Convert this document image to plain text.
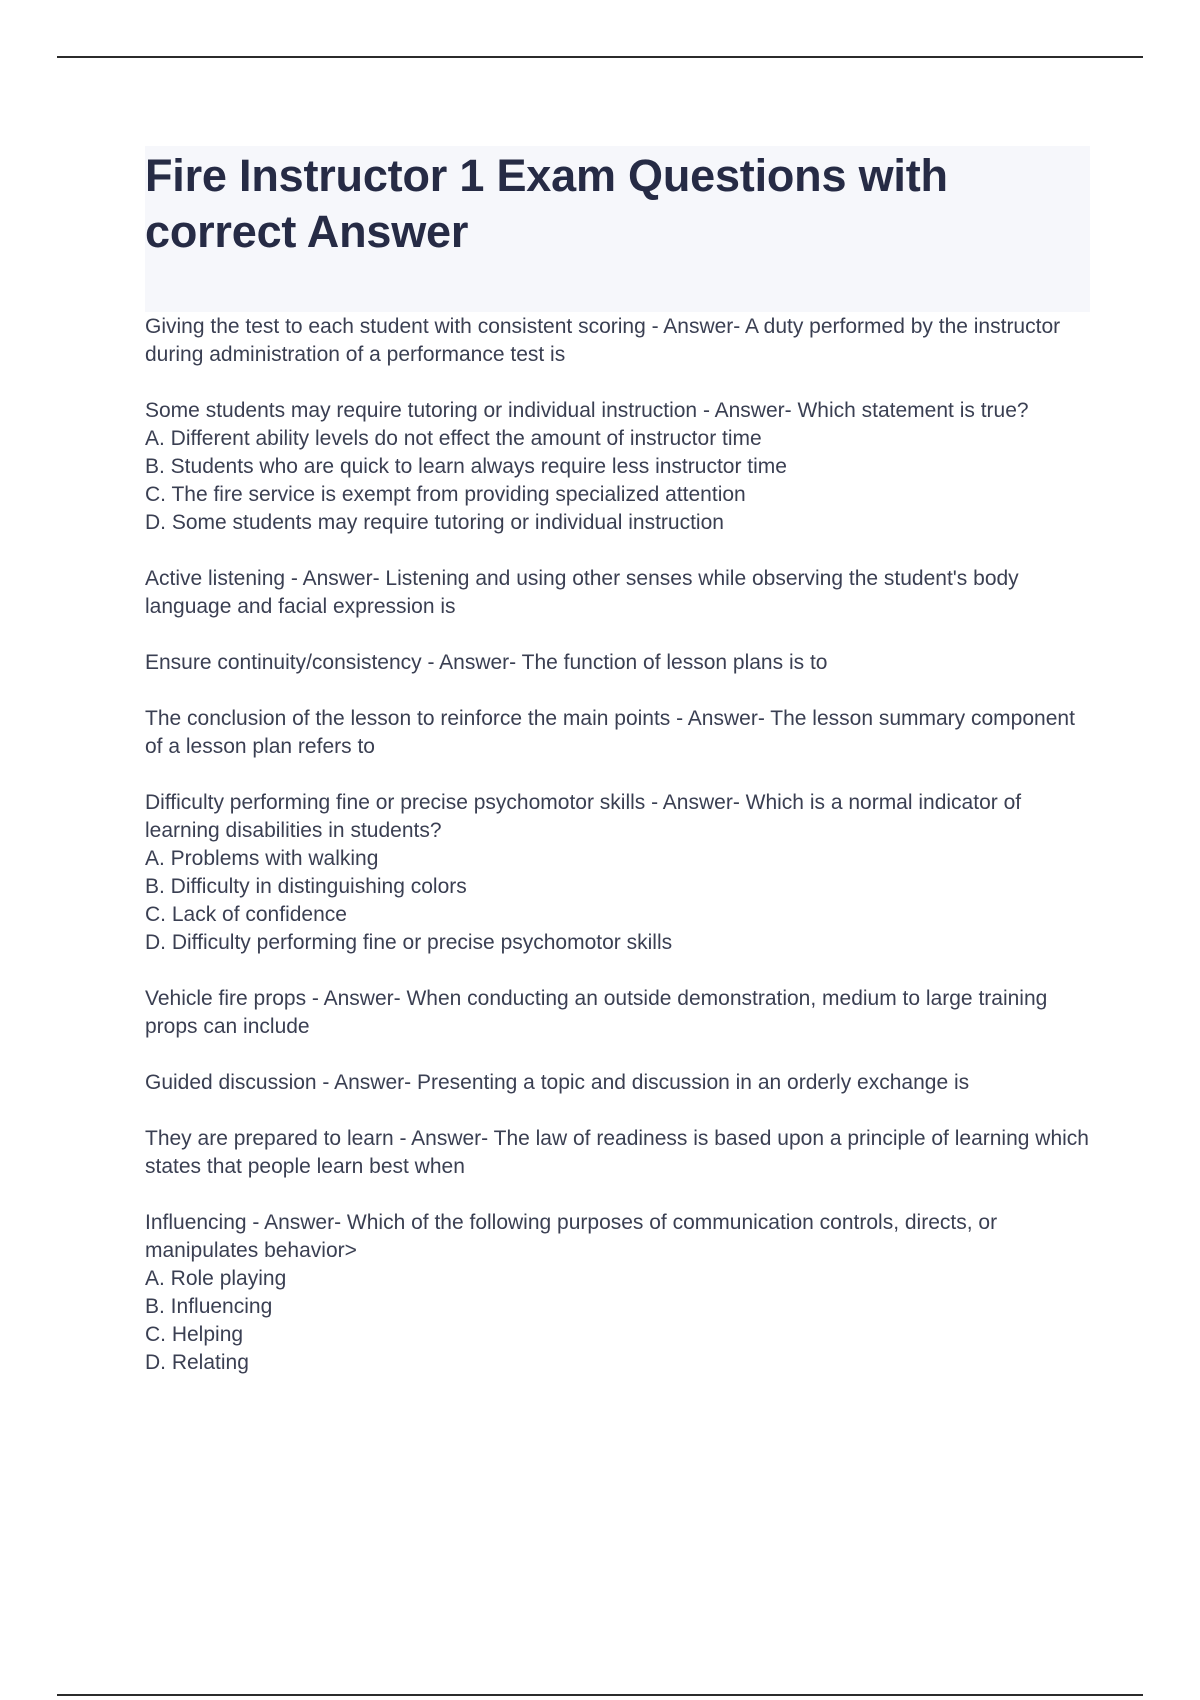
Fire Instructor 1 Exam Questions with correct Answer

Giving the test to each student with consistent scoring - Answer- A duty performed by the instructor during administration of a performance test is

Some students may require tutoring or individual instruction - Answer- Which statement is true?
A. Different ability levels do not effect the amount of instructor time
B. Students who are quick to learn always require less instructor time
C. The fire service is exempt from providing specialized attention
D. Some students may require tutoring or individual instruction

Active listening - Answer- Listening and using other senses while observing the student's body language and facial expression is

Ensure continuity/consistency - Answer- The function of lesson plans is to

The conclusion of the lesson to reinforce the main points - Answer- The lesson summary component of a lesson plan refers to

Difficulty performing fine or precise psychomotor skills - Answer- Which is a normal indicator of learning disabilities in students?
A. Problems with walking
B. Difficulty in distinguishing colors
C. Lack of confidence
D. Difficulty performing fine or precise psychomotor skills

Vehicle fire props - Answer- When conducting an outside demonstration, medium to large training props can include

Guided discussion - Answer- Presenting a topic and discussion in an orderly exchange is

They are prepared to learn - Answer- The law of readiness is based upon a principle of learning which states that people learn best when

Influencing - Answer- Which of the following purposes of communication controls, directs, or manipulates behavior>
A. Role playing
B. Influencing
C. Helping
D. Relating
